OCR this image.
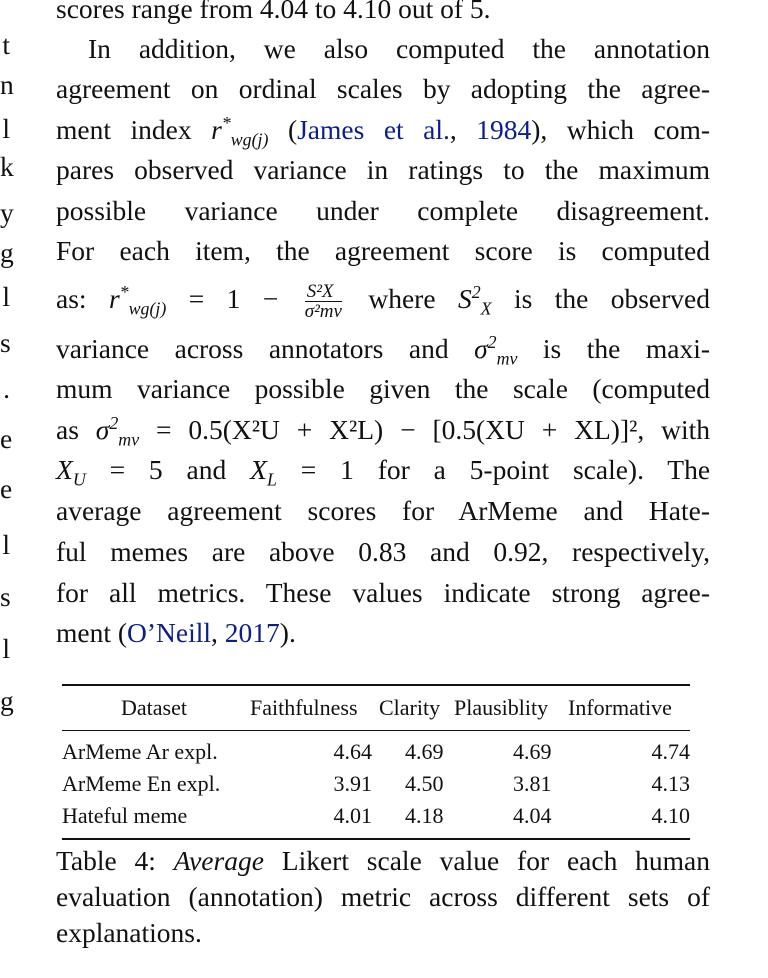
t
n
l
k
y
g
l
s
.
e
e
l
s
l
g
scores range from 4.04 to 4.10 out of 5.
In addition, we also computed the annotation
agreement on ordinal scales by adopting the agree-
ment index $r^*_{wg(j)}$ (James et al., 1984), which com-
pares observed variance in ratings to the maximum
possible variance under complete disagreement.
For each item, the agreement score is computed
as: $r^*_{wg(j)} = 1 - \frac{\text{S²X}}{\text{σ²mv}}$ where $S^2_X$ is the observed
variance across annotators and $\sigma^2_{mv}$ is the maxi-
mum variance possible given the scale (computed
as $\sigma^2_{mv} = 0.5(X^2U + X^2L) - [0.5(XU + XL)]^2$, with
$X_U = 5$ and $X_L = 1$ for a 5-point scale). The
average agreement scores for ArMeme and Hate-
ful memes are above 0.83 and 0.92, respectively,
for all metrics. These values indicate strong agree-
ment (O’Neill, 2017).
Dataset	Faithfulness Clarity Plausiblity Informative
ArMeme Ar expl.	4.64 4.69	4.69	4.74
ArMeme En expl.	3.91 4.50	3.81	4.13
Hateful meme	4.01 4.18	4.04	4.10
Table 4: Average Likert scale value for each human
evaluation (annotation) metric across different sets of
explanations.
